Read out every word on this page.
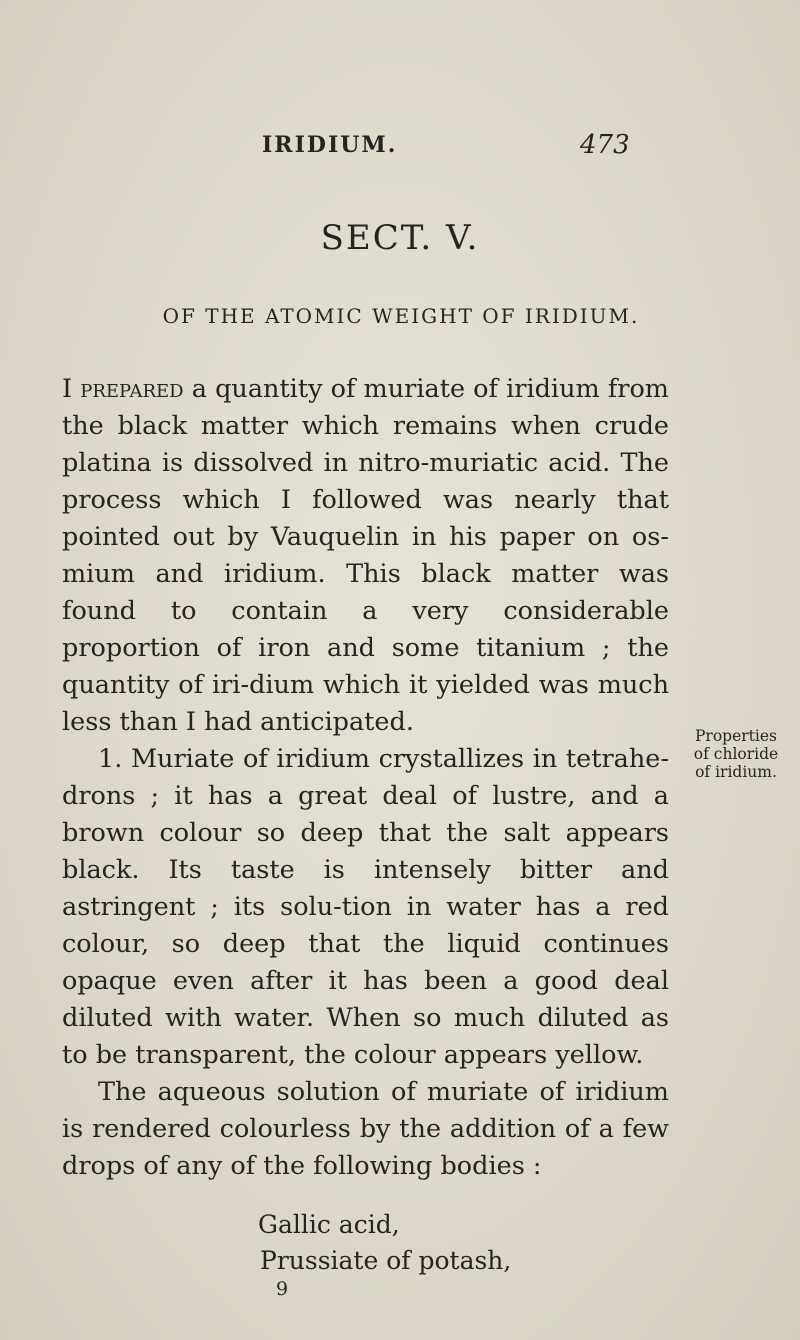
IRIDIUM.	473
SECT. V.
OF THE ATOMIC WEIGHT OF IRIDIUM.

I prepared a quantity of muriate of iridium from the black matter which remains when crude platina is dissolved in nitro-muriatic acid. The process which I followed was nearly that pointed out by Vauquelin in his paper on os-mium and iridium. This black matter was found to contain a very considerable proportion of iron and some titanium ; the quantity of iri-dium which it yielded was much less than I had anticipated.

1. Muriate of iridium crystallizes in tetrahe-drons ; it has a great deal of lustre, and a brown colour so deep that the salt appears black. Its taste is intensely bitter and astringent ; its solu-tion in water has a red colour, so deep that the liquid continues opaque even after it has been a good deal diluted with water. When so much diluted as to be transparent, the colour appears yellow.

The aqueous solution of muriate of iridium is rendered colourless by the addition of a few drops of any of the following bodies :

Properties
of chloride
of iridium.
Gallic acid,
Prussiate of potash,
9
